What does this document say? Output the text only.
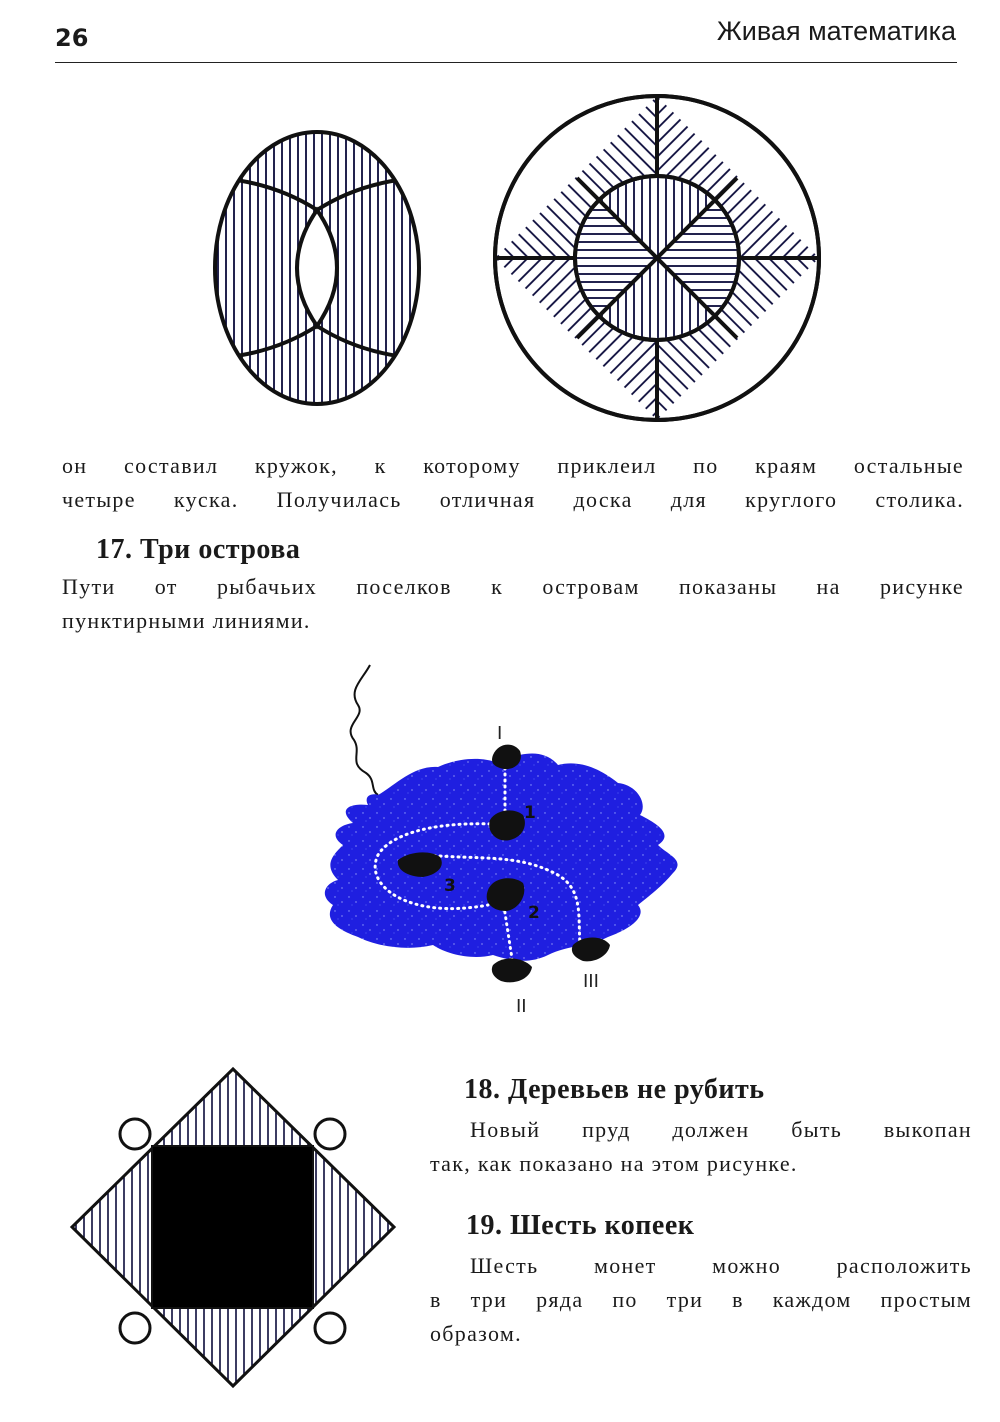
26	Живая математика
он составил кружок, к которому приклеил по краям остальные
четыре куска. Получилась отличная доска для круглого столика.
17. Три острова
Пути от рыбачьих поселков к островам показаны на рисунке
пунктирными линиями.
1
2
3
I
II
III
18. Деревьев не рубить
Новый пруд должен быть выкопан
так, как показано на этом рисунке.
19. Шесть копеек
Шесть монет можно расположить
в три ряда по три в каждом простым
образом.
